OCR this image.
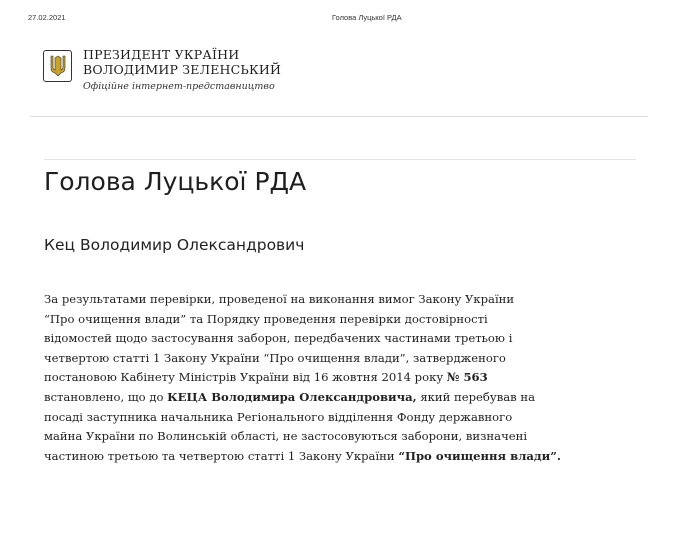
27.02.2021	Голова Луцької РДА
ПРЕЗИДЕНТ УКРАЇНИ
ВОЛОДИМИР ЗЕЛЕНСЬКИЙ
Офіційне інтернет-представництво
Голова Луцької РДА
Кец Володимир Олександрович

За результатами перевірки, проведеної на виконання вимог Закону України
“Про очищення влади” та Порядку проведення перевірки достовірності
відомостей щодо застосування заборон, передбачених частинами третьою і
четвертою статті 1 Закону України “Про очищення влади”, затвердженого
постановою Кабінету Міністрів України від 16 жовтня 2014 року № 563
встановлено, що до КЕЦА Володимира Олександровича, який перебував на
посаді заступника начальника Регіонального відділення Фонду державного
майна України по Волинській області, не застосовуються заборони, визначені
частиною третьою та четвертою статті 1 Закону України “Про очищення влади”.
